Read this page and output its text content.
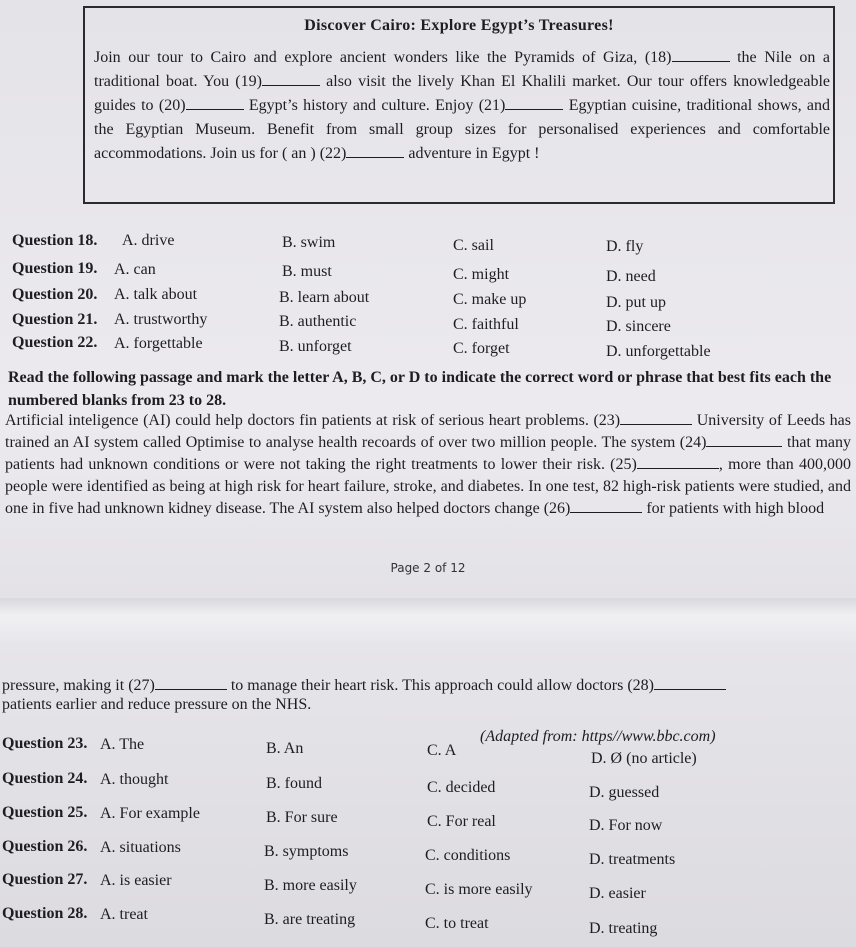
Discover Cairo: Explore Egypt’s Treasures!
Join our tour to Cairo and explore ancient wonders like the Pyramids of Giza, (18)	the Nile on a traditional boat. You (19)	also visit the lively Khan El Khalili market. Our tour offers knowledgeable guides to (20)	Egypt’s history and culture. Enjoy (21)	Egyptian cuisine, traditional shows, and the Egyptian Museum. Benefit from small group sizes for personalised experiences and comfortable accommodations. Join us for ( an ) (22)	adventure in Egypt !
Question 18. A. drive	B. swim	C. sail	D. fly
Question 19. A. can	B. must	C. might	D. need
Question 20. A. talk about	B. learn about	C. make up	D. put up
Question 21. A. trustworthy	B. authentic	C. faithful	D. sincere
Question 22. A. forgettable	B. unforget	C. forget	D. unforgettable
Read the following passage and mark the letter A, B, C, or D to indicate the correct word or phrase that best fits each the numbered blanks from 23 to 28.
Artificial inteligence (AI) could help doctors fin patients at risk of serious heart problems. (23)	University of Leeds has trained an AI system called Optimise to analyse health recoards of over two million people. The system (24)	that many patients had unknown conditions or were not taking the right treatments to lower their risk. (25)	, more than 400,000 people were identified as being at high risk for heart failure, stroke, and diabetes. In one test, 82 high-risk patients were studied, and one in five had unknown kidney disease. The AI system also helped doctors change (26)	for patients with high blood
Page 2 of 12
pressure, making it (27)	to manage their heart risk. This approach could allow doctors (28)
patients earlier and reduce pressure on the NHS.
(Adapted from: https//www.bbc.com)
Question 23. A. The	B. An	C. A	D. Ø (no article)
Question 24. A. thought	B. found	C. decided	D. guessed
Question 25. A. For example	B. For sure	C. For real	D. For now
Question 26. A. situations	B. symptoms	C. conditions	D. treatments
Question 27. A. is easier	B. more easily	C. is more easily	D. easier
Question 28. A. treat	B. are treating	C. to treat	D. treating
